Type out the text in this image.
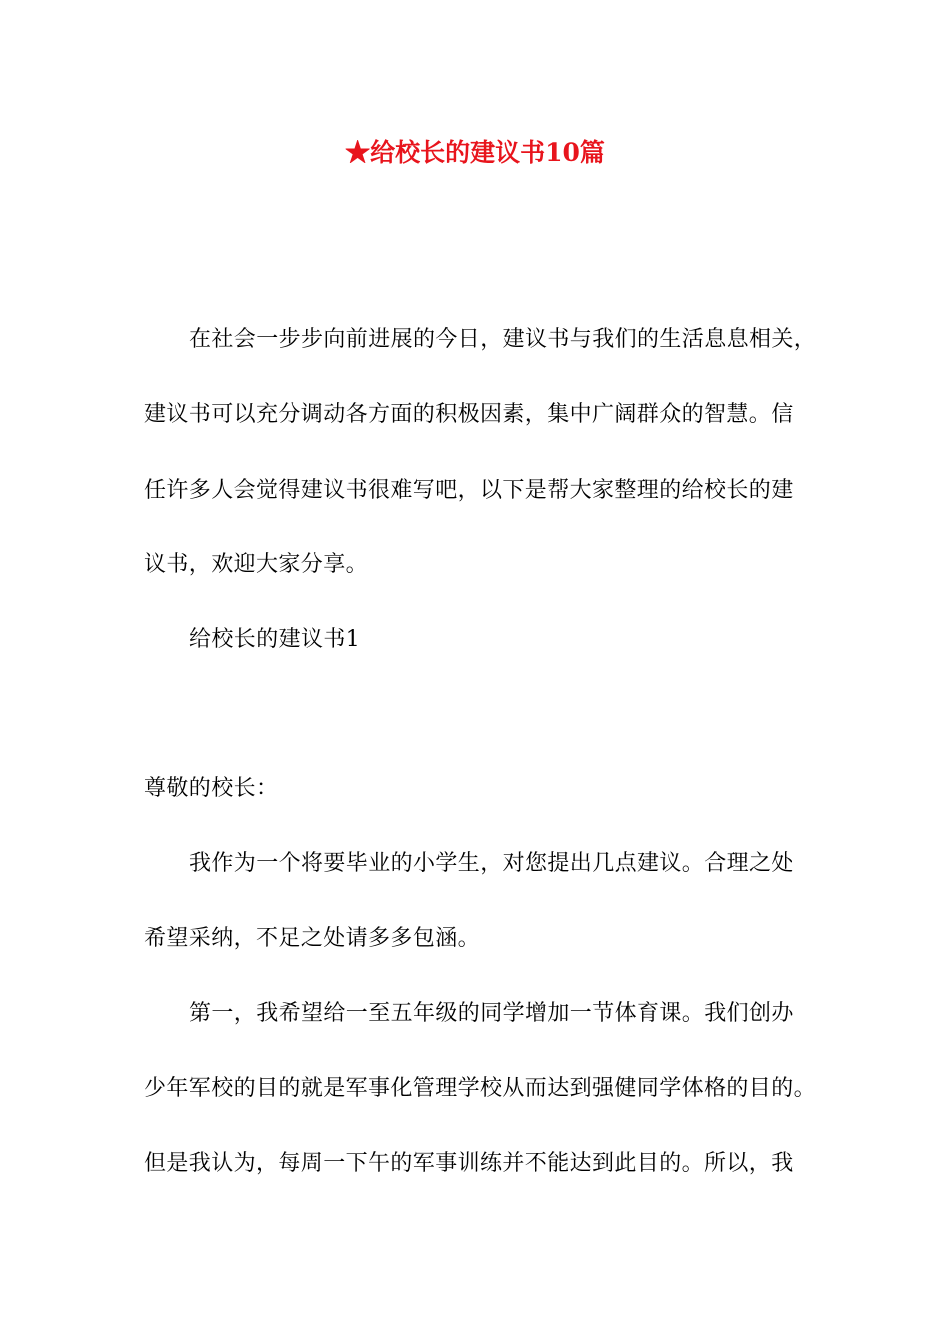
★给校长的建议书10篇
在社会一步步向前进展的今日，建议书与我们的生活息息相关，
建议书可以充分调动各方面的积极因素，集中广阔群众的智慧。信
任许多人会觉得建议书很难写吧，以下是帮大家整理的给校长的建
议书，欢迎大家分享。
给校长的建议书1
尊敬的校长：
我作为一个将要毕业的小学生，对您提出几点建议。合理之处
希望采纳，不足之处请多多包涵。
第一，我希望给一至五年级的同学增加一节体育课。我们创办
少年军校的目的就是军事化管理学校从而达到强健同学体格的目的。
但是我认为，每周一下午的军事训练并不能达到此目的。所以，我
